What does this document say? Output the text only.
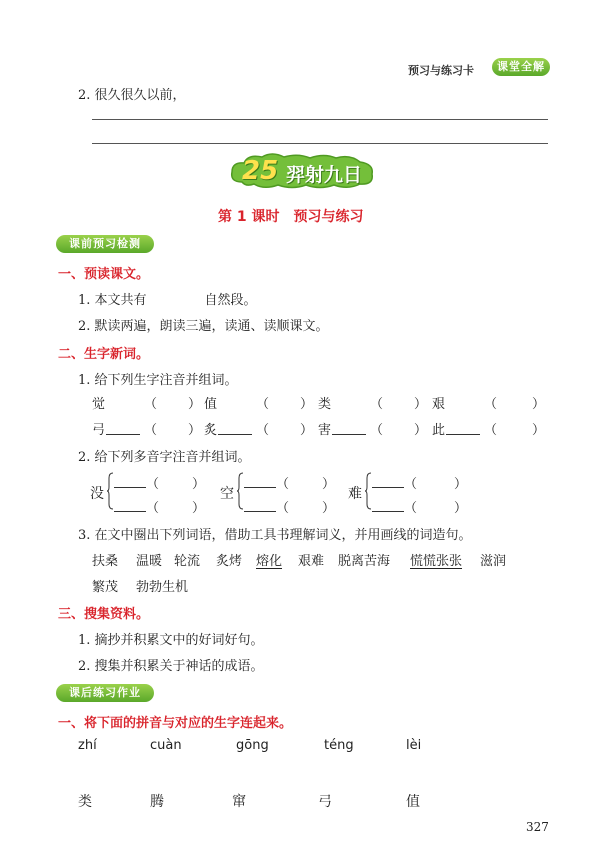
预习与练习卡	课堂全解
2. 很久很久以前，
25 羿射九日
第 1 课时　预习与练习
课前预习检测
一、预读课文。
1. 本文共有	自然段。
2. 默读两遍，朗读三遍，读通、读顺课文。
二、生字新词。
1. 给下列生字注音并组词。
觉	（ ） 值	（ ） 类	（ ） 艰	（	）
弓	（ ） 炙	（ ） 害	（ ） 此	（	）
2. 给下列多音字注音并组词。
没
（	）
（	）
空
（	）
（	）
难
（	）
（	）
3. 在文中圈出下列词语，借助工具书理解词义，并用画线的词造句。
扶桑 温暖 轮流 炙烤 熔化 艰难 脱离苦海 慌慌张张 滋润
繁茂 勃勃生机
三、搜集资料。
1. 摘抄并积累文中的好词好句。
2. 搜集并积累关于神话的成语。
课后练习作业
一、将下面的拼音与对应的生字连起来。
zhí	cuàn	gōng	téng	lèi
类	腾	窜	弓	值
327
